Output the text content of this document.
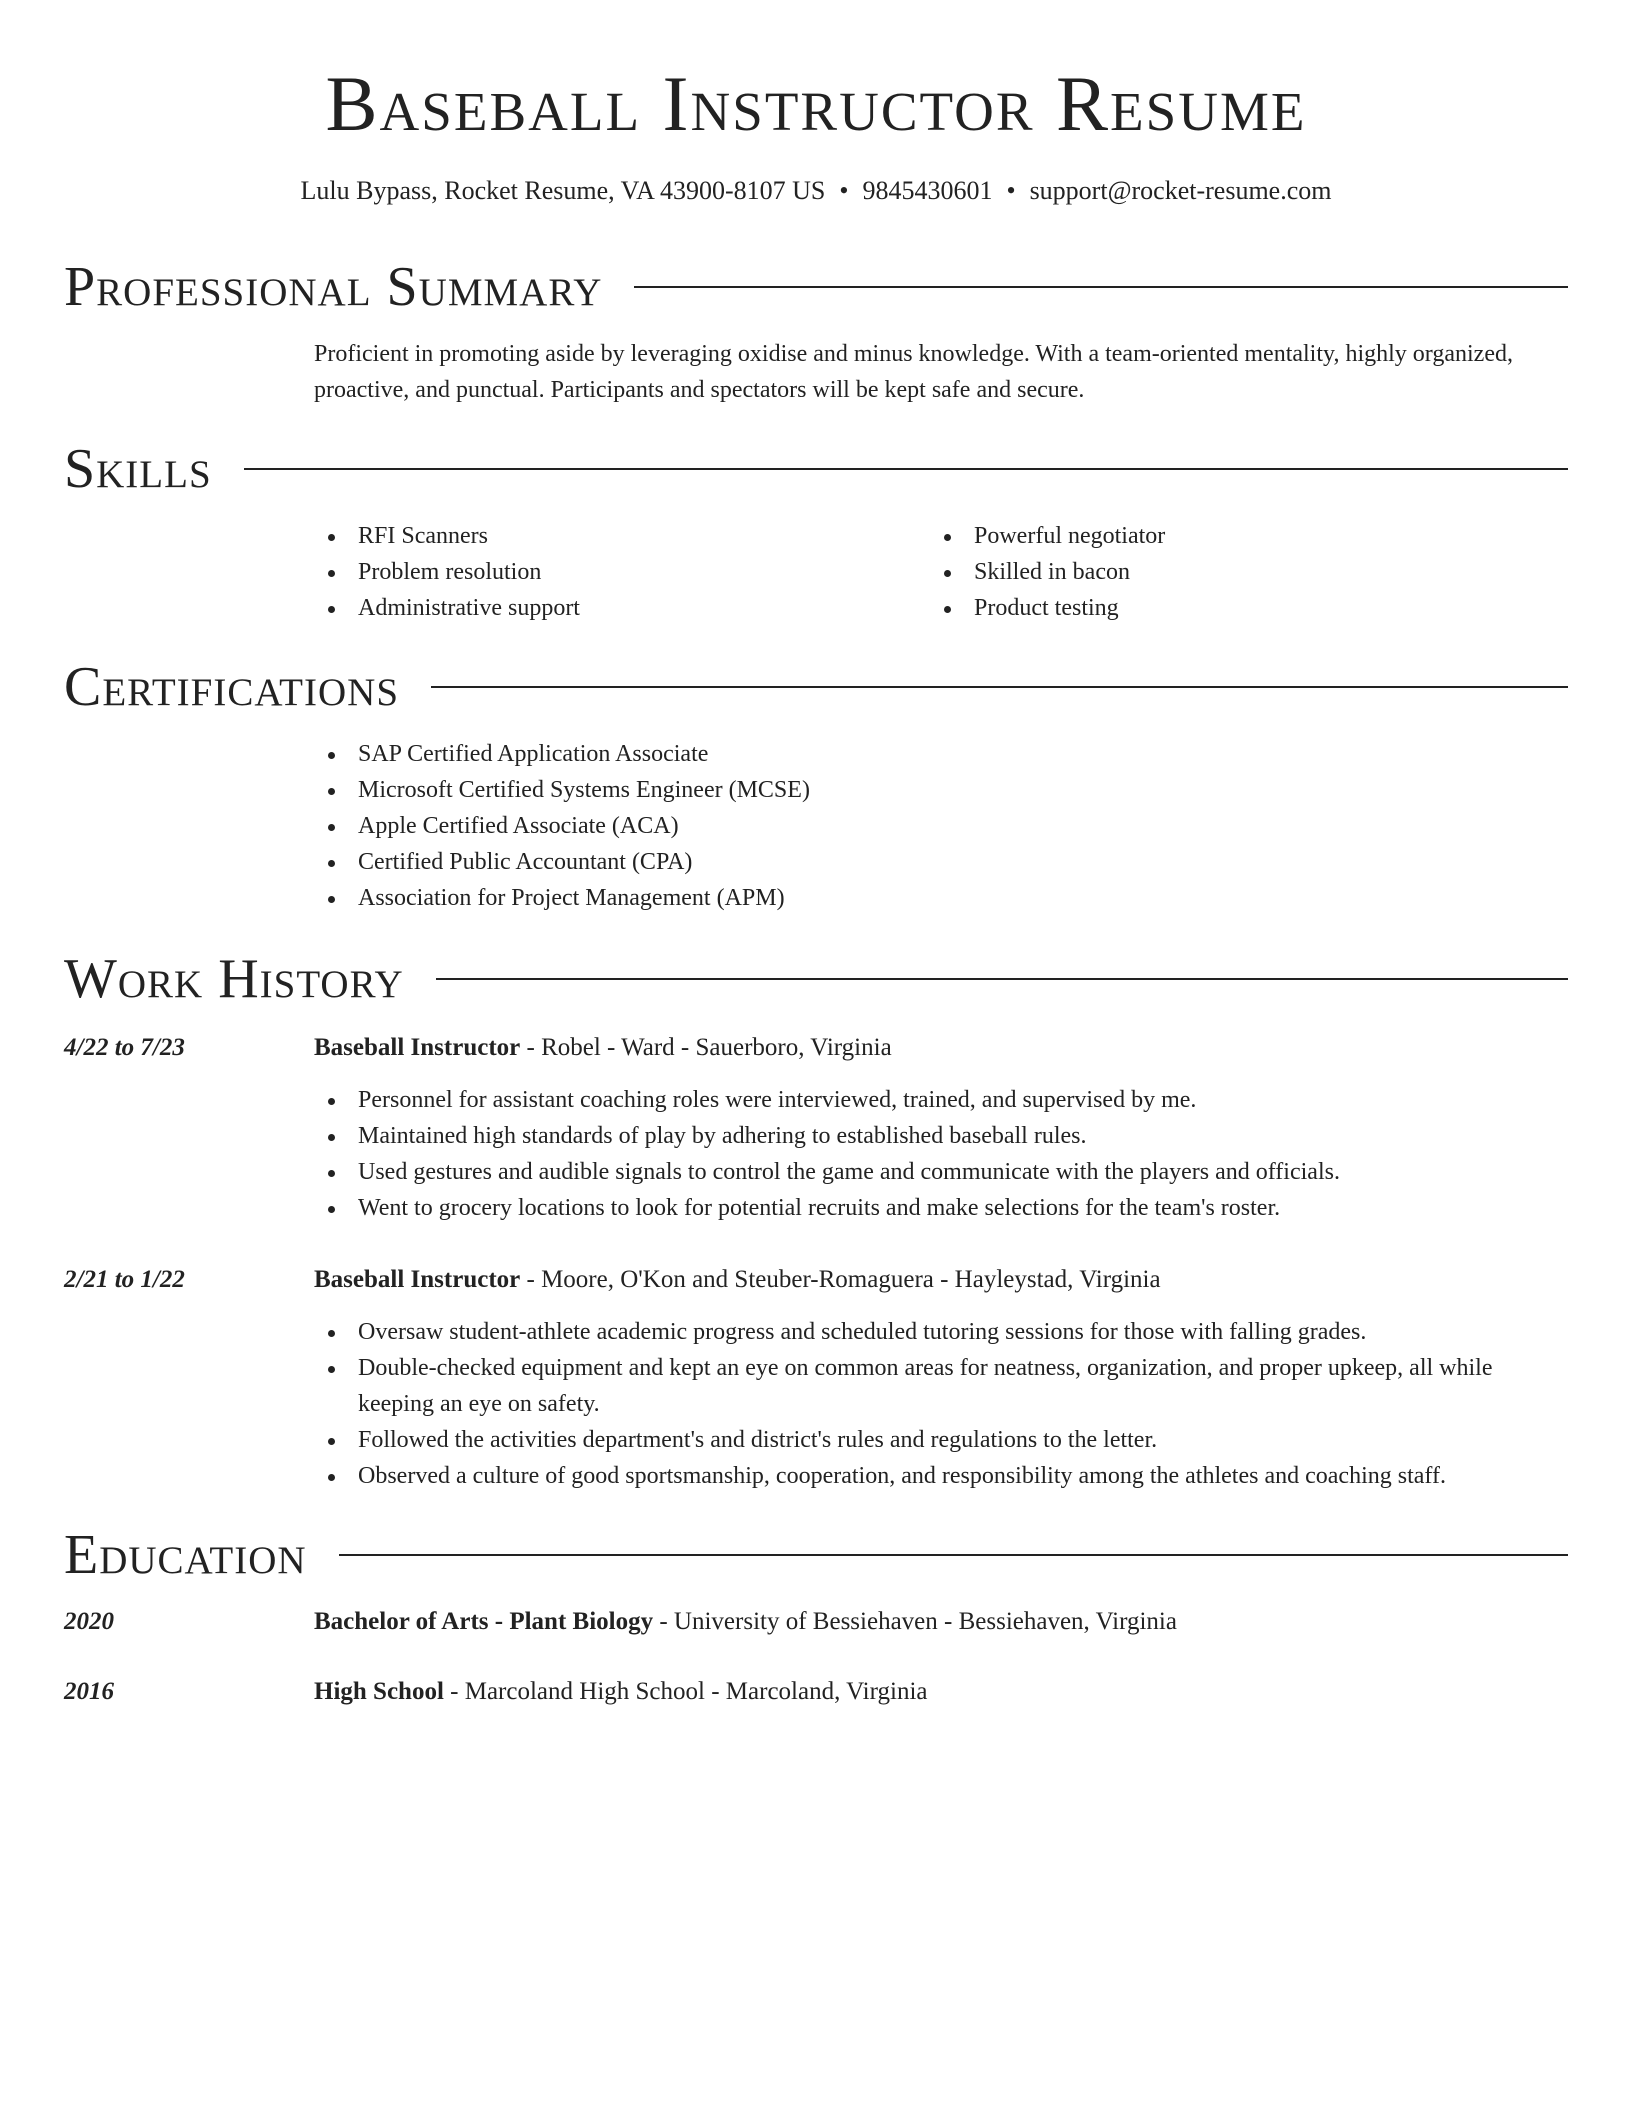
Baseball Instructor Resume
Lulu Bypass, Rocket Resume, VA 43900-8107 US • 9845430601 • support@rocket-resume.com
Professional Summary

Proficient in promoting aside by leveraging oxidise and minus knowledge. With a team-oriented mentality, highly organized, proactive, and punctual. Participants and spectators will be kept safe and secure.

Skills
RFI Scanners
Problem resolution
Administrative support
Powerful negotiator
Skilled in bacon
Product testing
Certifications
SAP Certified Application Associate
Microsoft Certified Systems Engineer (MCSE)
Apple Certified Associate (ACA)
Certified Public Accountant (CPA)
Association for Project Management (APM)
Work History
4/22 to 7/23	Baseball Instructor - Robel - Ward - Sauerboro, Virginia
Personnel for assistant coaching roles were interviewed, trained, and supervised by me.
Maintained high standards of play by adhering to established baseball rules.
Used gestures and audible signals to control the game and communicate with the players and officials.
Went to grocery locations to look for potential recruits and make selections for the team's roster.
2/21 to 1/22	Baseball Instructor - Moore, O'Kon and Steuber-Romaguera - Hayleystad, Virginia
Oversaw student-athlete academic progress and scheduled tutoring sessions for those with falling grades.
Double-checked equipment and kept an eye on common areas for neatness, organization, and proper upkeep, all while keeping an eye on safety.
Followed the activities department's and district's rules and regulations to the letter.
Observed a culture of good sportsmanship, cooperation, and responsibility among the athletes and coaching staff.
Education
2020	Bachelor of Arts - Plant Biology - University of Bessiehaven - Bessiehaven, Virginia
2016	High School - Marcoland High School - Marcoland, Virginia
